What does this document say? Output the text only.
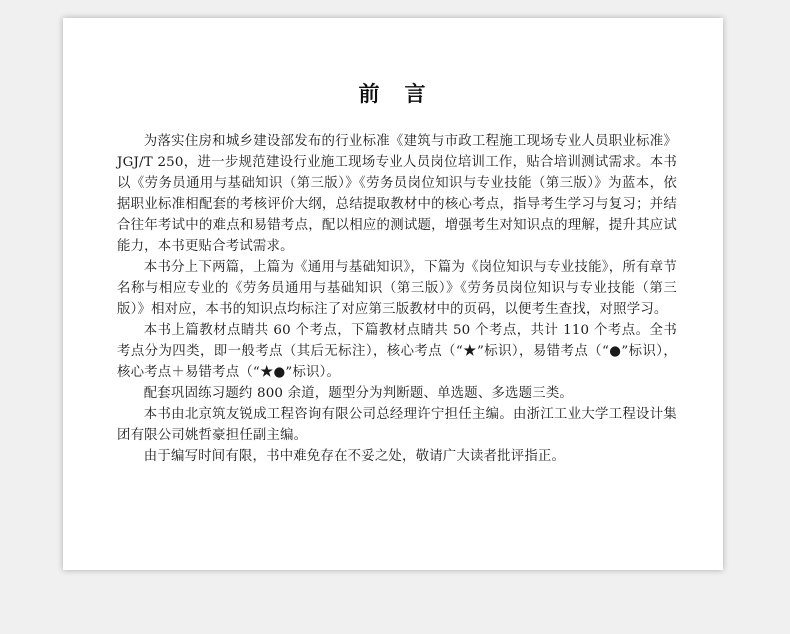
前　言

为落实住房和城乡建设部发布的行业标准《建筑与市政工程施工现场专业人员职业标准》JGJ/T 250，进一步规范建设行业施工现场专业人员岗位培训工作，贴合培训测试需求。本书以《劳务员通用与基础知识（第三版）》《劳务员岗位知识与专业技能（第三版）》为蓝本，依据职业标准相配套的考核评价大纲，总结提取教材中的核心考点，指导考生学习与复习；并结合往年考试中的难点和易错考点，配以相应的测试题，增强考生对知识点的理解，提升其应试能力，本书更贴合考试需求。

本书分上下两篇，上篇为《通用与基础知识》，下篇为《岗位知识与专业技能》，所有章节名称与相应专业的《劳务员通用与基础知识（第三版）》《劳务员岗位知识与专业技能（第三版）》相对应，本书的知识点均标注了对应第三版教材中的页码，以便考生查找，对照学习。

本书上篇教材点睛共 60 个考点，下篇教材点睛共 50 个考点，共计 110 个考点。全书考点分为四类，即一般考点（其后无标注），核心考点（“★”标识），易错考点（“●”标识），核心考点＋易错考点（“★●”标识）。

配套巩固练习题约 800 余道，题型分为判断题、单选题、多选题三类。

本书由北京筑友锐成工程咨询有限公司总经理许宁担任主编。由浙江工业大学工程设计集团有限公司姚哲豪担任副主编。

由于编写时间有限，书中难免存在不妥之处，敬请广大读者批评指正。
